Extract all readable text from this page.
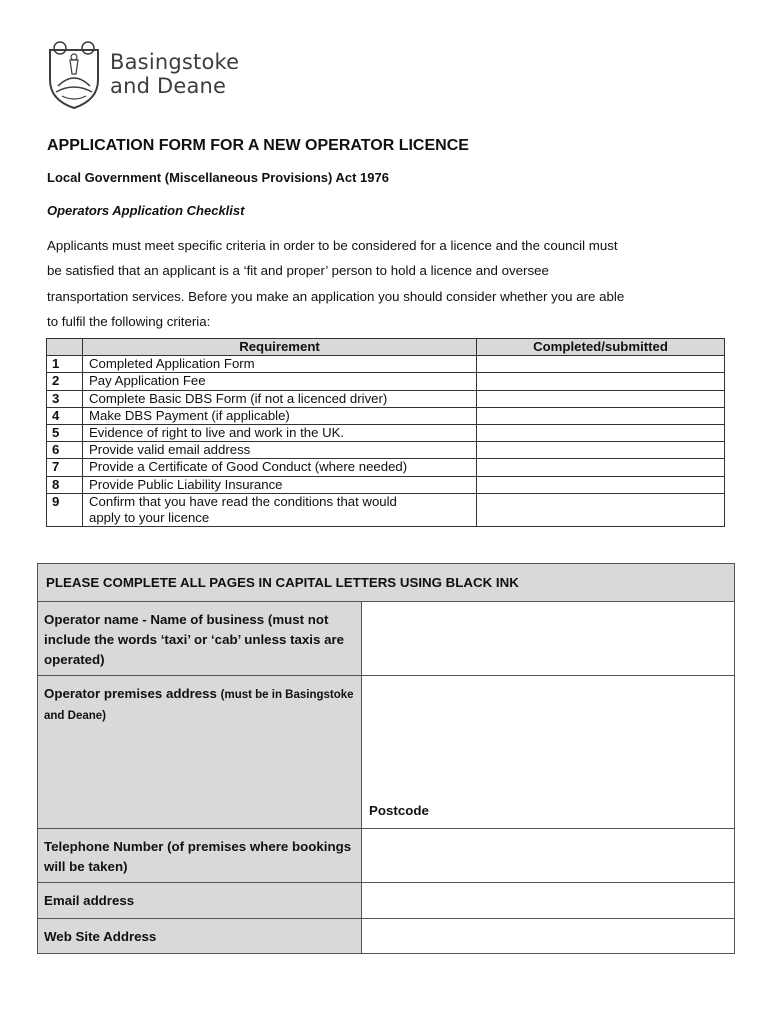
Basingstoke
and Deane
APPLICATION FORM FOR A NEW OPERATOR LICENCE
Local Government (Miscellaneous Provisions) Act 1976
Operators Application Checklist
Applicants must meet specific criteria in order to be considered for a licence and the council must
be satisfied that an applicant is a ‘fit and proper’ person to hold a licence and oversee
transportation services. Before you make an application you should consider whether you are able
to fulfil the following criteria:
	Requirement	Completed/submitted
1	Completed Application Form	
2	Pay Application Fee	
3	Complete Basic DBS Form (if not a licenced driver)	
4	Make DBS Payment (if applicable)	
5	Evidence of right to live and work in the UK.	
6	Provide valid email address	
7	Provide a Certificate of Good Conduct (where needed)	
8	Provide Public Liability Insurance	
9	Confirm that you have read the conditions that would
apply to your licence	

PLEASE COMPLETE ALL PAGES IN CAPITAL LETTERS USING BLACK INK
Operator name - Name of business (must not include the words ‘taxi’ or ‘cab’ unless taxis are operated)
Operator premises address (must be in Basingstoke and Deane)
Postcode
Telephone Number (of premises where bookings will be taken)
Email address
Web Site Address
